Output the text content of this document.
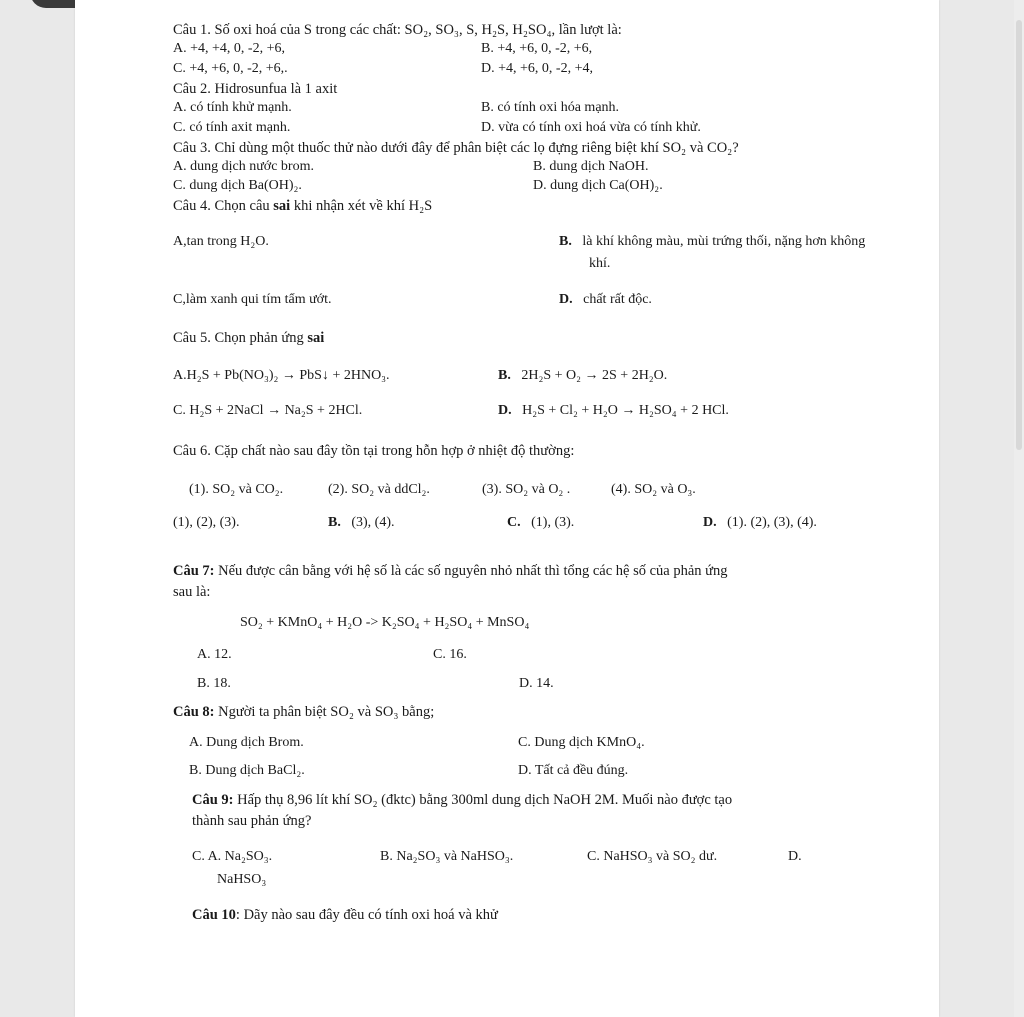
Câu 1. Số oxi hoá của S trong các chất: SO₂, SO₃, S, H₂S, H₂SO₄, lần lượt là:
A. +4, +4, 0, -2, +6,	B. +4, +6, 0, -2, +6,
C. +4, +6, 0, -2, +6,.	D. +4, +6, 0, -2, +4,
Câu 2. Hidrosunfua là 1 axit
A. có tính khử mạnh.	B. có tính oxi hóa mạnh.
C. có tính axit mạnh.	D. vừa có tính oxi hoá vừa có tính khử.
Câu 3. Chỉ dùng một thuốc thử nào dưới đây để phân biệt các lọ đựng riêng biệt khí SO₂ và CO₂?
A. dung dịch nước brom.	B. dung dịch NaOH.
C. dung dịch Ba(OH)₂.	D. dung dịch Ca(OH)₂.
Câu 4. Chọn câu sai khi nhận xét về khí H₂S
A,tan trong H₂O.	B. là khí không màu, mùi trứng thối, nặng hơn không
khí.
C,làm xanh qui tím tẩm ướt.	D. chất rất độc.
Câu 5. Chọn phản ứng sai
A.H₂S + Pb(NO₃)₂ → PbS↓ + 2HNO₃.	B. 2H₂S + O₂ → 2S + 2H₂O.
C. H₂S + 2NaCl → Na₂S + 2HCl.	D. H₂S + Cl₂ + H₂O → H₂SO₄ + 2 HCl.
Câu 6. Cặp chất nào sau đây tồn tại trong hỗn hợp ở nhiệt độ thường:
(1). SO₂ và CO₂.	(2). SO₂ và ddCl₂.	(3). SO₂ và O₂ .	(4). SO₂ và O₃.
(1), (2), (3).	B. (3), (4).	C. (1), (3).	D. (1). (2), (3), (4).
Câu 7: Nếu được cân bằng với hệ số là các số nguyên nhỏ nhất thì tổng các hệ số của phản ứng
sau là:
SO₂ + KMnO₄ + H₂O -> K₂SO₄ + H₂SO₄ + MnSO₄
A. 12.	C. 16.
B. 18.	D. 14.
Câu 8: Người ta phân biệt SO₂ và SO₃ bằng;
A. Dung dịch Brom.	C. Dung dịch KMnO₄.
B. Dung dịch BaCl₂.	D. Tất cả đều đúng.
Câu 9: Hấp thụ 8,96 lít khí SO₂ (đktc) bằng 300ml dung dịch NaOH 2M. Muối nào được tạo
thành sau phản ứng?
C. A. Na₂SO₃.	B. Na₂SO₃ và NaHSO₃.	C. NaHSO₃ và SO₂ dư.	D.
NaHSO₃
Câu 10: Dãy nào sau đây đều có tính oxi hoá và khử
